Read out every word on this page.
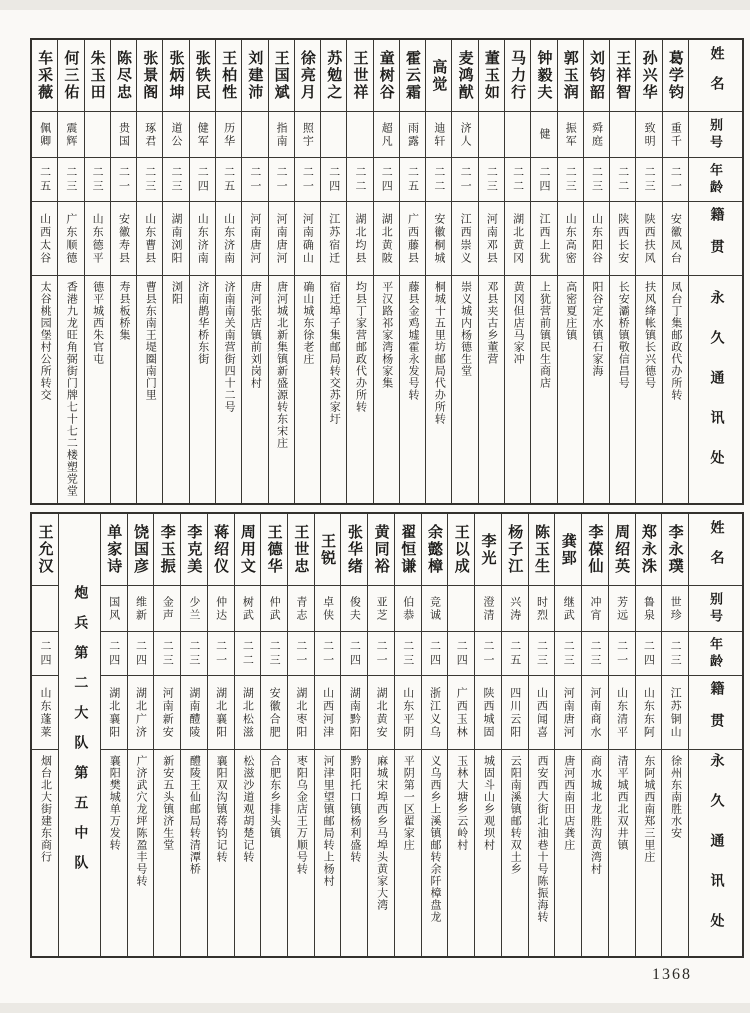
姓名
别号
年龄
籍贯
永久通讯处
葛学钧
重千
二一
安徽凤台
凤台丁集邮政代办所转
孙兴华
致明
二三
陕西扶风
扶风绛帐镇长兴德号
王祥智
二二
陕西长安
长安灞桥镇敬信昌号
刘钧韶
舜庭
二三
山东阳谷
阳谷定水镇石家海
郭玉润
振军
二三
山东高密
高密夏庄镇
钟毅夫
健
二四
江西上犹
上犹营前镇民生商店
马力行
二二
湖北黄冈
黄冈但店马家冲
董玉如
二三
河南邓县
邓县夹古乡董营
麦鸿猷
济人
二一
江西崇义
崇义城内杨德生堂
高觉
迪轩
二二
安徽桐城
桐城十五里坊邮局代办所转
霍云霜
雨露
二五
广西藤县
藤县金鸡墟霍永发号转
童树谷
超凡
二四
湖北黄陂
平汉路祁家湾杨家集
王世祥
二二
湖北均县
均县丁家营邮政代办所转
苏勉之
二四
江苏宿迁
宿迁埠子集邮局转交苏家圩
徐亮月
照宇
二一
河南确山
确山城东徐老庄
王国斌
指南
二一
河南唐河
唐河城北新集镇新盛源转东宋庄
刘建沛
二一
河南唐河
唐河张店镇前刘岗村
王柏性
历华
二五
山东济南
济南南关南营街四十二号
张铁民
健军
二四
山东济南
济南鹊华桥东街
张炳坤
道公
二三
湖南浏阳
浏阳
张景阁
琢君
二三
山东曹县
曹县东南王堤圈南门里
陈尽忠
贵国
二一
安徽寿县
寿县板桥集
朱玉田
二三
山东德平
德平城西朱官屯
何三佑
震辉
二三
广东顺德
香港九龙旺角弼街门牌七十七二楼塑党堂
车采薇
佩卿
二五
山西太谷
太谷桃园堡村公所转交
姓名
别号
年龄
籍贯
永久通讯处
李永璞
世珍
二三
江苏铜山
徐州东南胜水安
郑永洙
鲁泉
二四
山东东阿
东阿城西南郑三里庄
周绍英
芳远
二一
山东清平
清平城西北双井镇
李葆仙
冲宵
二三
河南商水
商水城北龙胜沟黄湾村
龚郢
继武
二三
河南唐河
唐河西南田店龚庄
陈玉生
时烈
二三
山西闻喜
西安西大街北油巷十号陈振海转
杨子江
兴涛
二五
四川云阳
云阳南溪镇邮转双土乡
李光
澄清
二一
陕西城固
城固斗山乡观坝村
王以成
二四
广西玉林
玉林大塘乡云岭村
余懿樟
竞诚
二四
浙江义乌
义乌西乡上溪镇邮转余阡樟盘龙
翟恒谦
伯恭
二三
山东平阴
平阴第一区翟家庄
黄同裕
亚芝
二一
湖北黄安
麻城宋埠西乡马埠头黄家大湾
张华绪
俊夫
二四
湖南黔阳
黔阳托口镇杨利盛转
王锐
卓侠
二一
山西河津
河津里望镇邮局转上杨村
王世忠
青志
二一
湖北枣阳
枣阳乌金店王万顺号转
王德华
仲武
二三
安徽合肥
合肥东乡排头镇
周用文
树武
二二
湖北松滋
松滋沙道观胡楚记转
蒋绍仪
仲达
二一
湖北襄阳
襄阳双沟镇蒋钧记转
李克美
少兰
二三
湖南醴陵
醴陵王仙邮局转清潭桥
李玉振
金声
二三
河南新安
新安五头镇济生堂
饶国彦
维新
二四
湖北广济
广济武穴龙坪陈盈丰号转
单家诗
国风
二四
湖北襄阳
襄阳樊城单万发转
炮兵第二大队第五中队
王允汉
二四
山东蓬莱
烟台北大街建东商行
1368
